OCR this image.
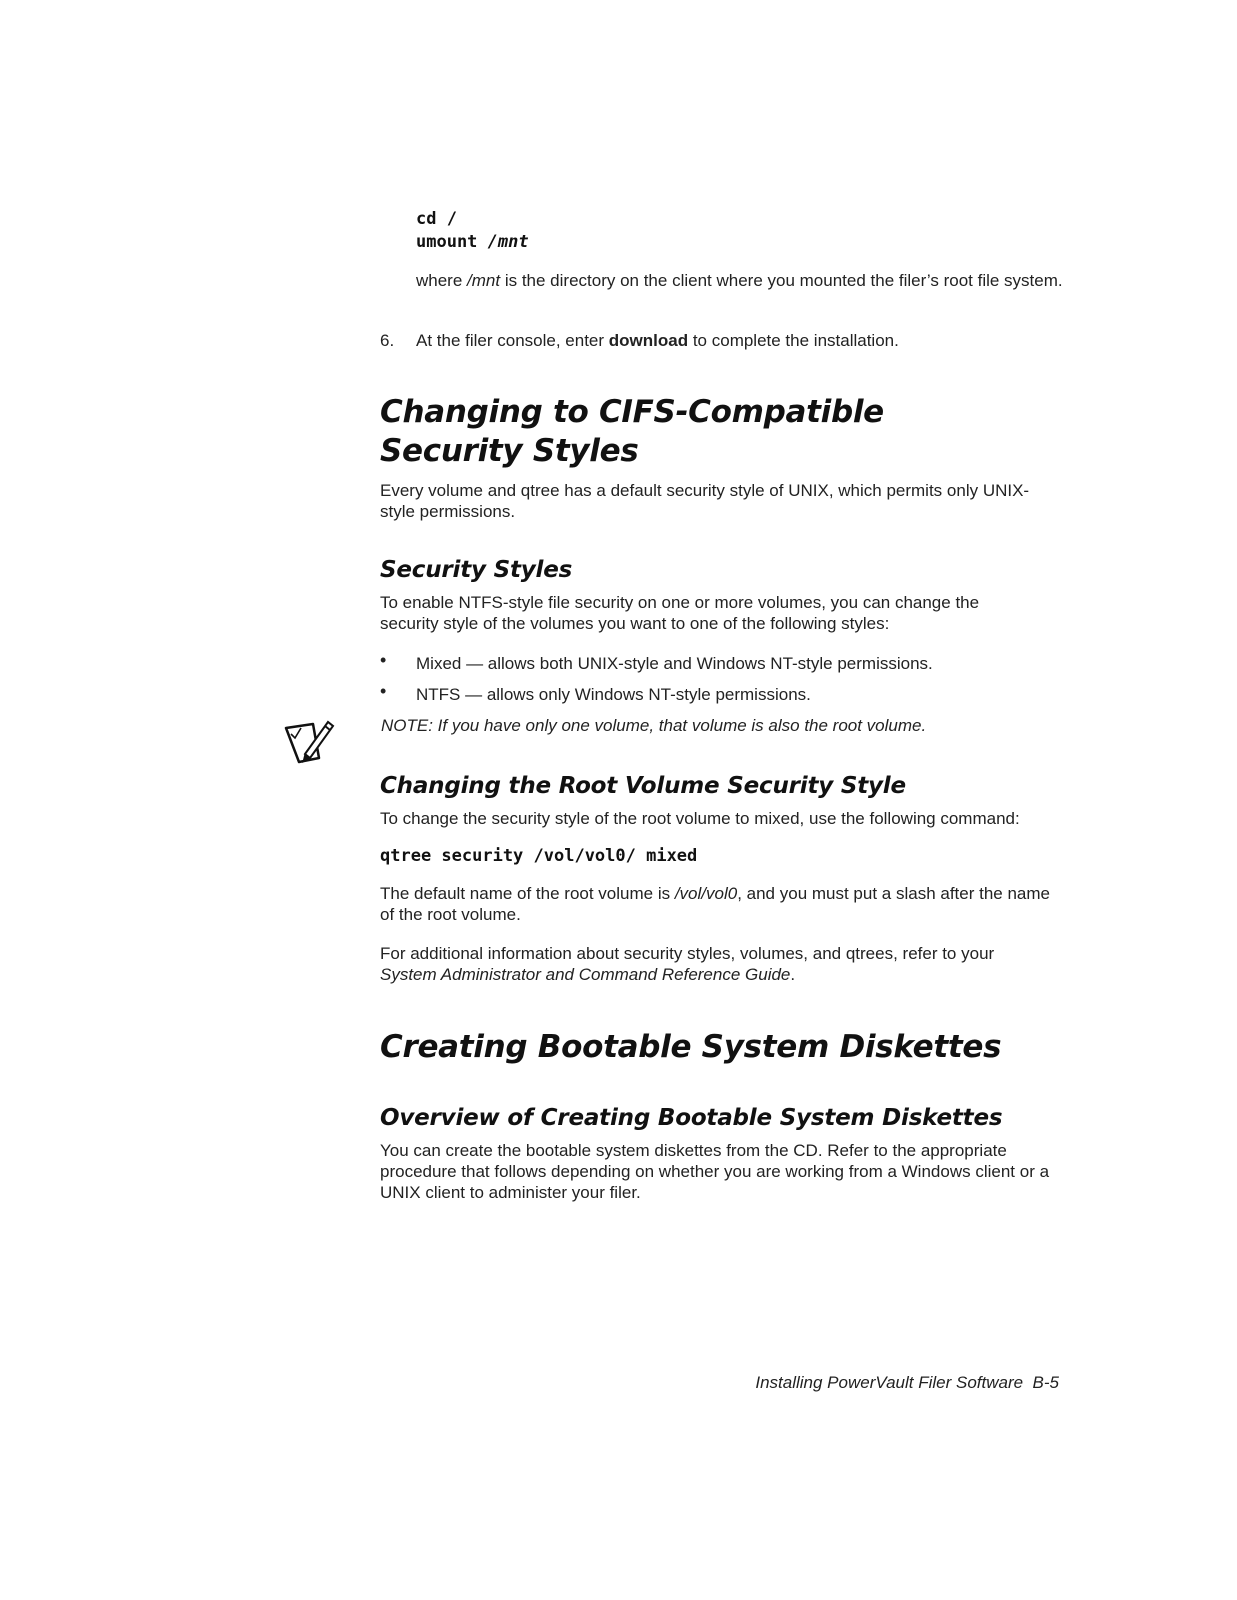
cd /
umount /mnt
where /mnt is the directory on the client where you mounted the filer’s root file system.
6. At the filer console, enter download to complete the installation.
Changing to CIFS-Compatible Security Styles
Every volume and qtree has a default security style of UNIX, which permits only UNIX-style permissions.
Security Styles
To enable NTFS-style file security on one or more volumes, you can change the security style of the volumes you want to one of the following styles:
• Mixed — allows both UNIX-style and Windows NT-style permissions.
• NTFS — allows only Windows NT-style permissions.
NOTE: If you have only one volume, that volume is also the root volume.
Changing the Root Volume Security Style
To change the security style of the root volume to mixed, use the following command:
qtree security /vol/vol0/ mixed
The default name of the root volume is /vol/vol0, and you must put a slash after the name of the root volume.
For additional information about security styles, volumes, and qtrees, refer to your System Administrator and Command Reference Guide.
Creating Bootable System Diskettes
Overview of Creating Bootable System Diskettes
You can create the bootable system diskettes from the CD. Refer to the appropriate procedure that follows depending on whether you are working from a Windows client or a UNIX client to administer your filer.
Installing PowerVault Filer Software B-5
